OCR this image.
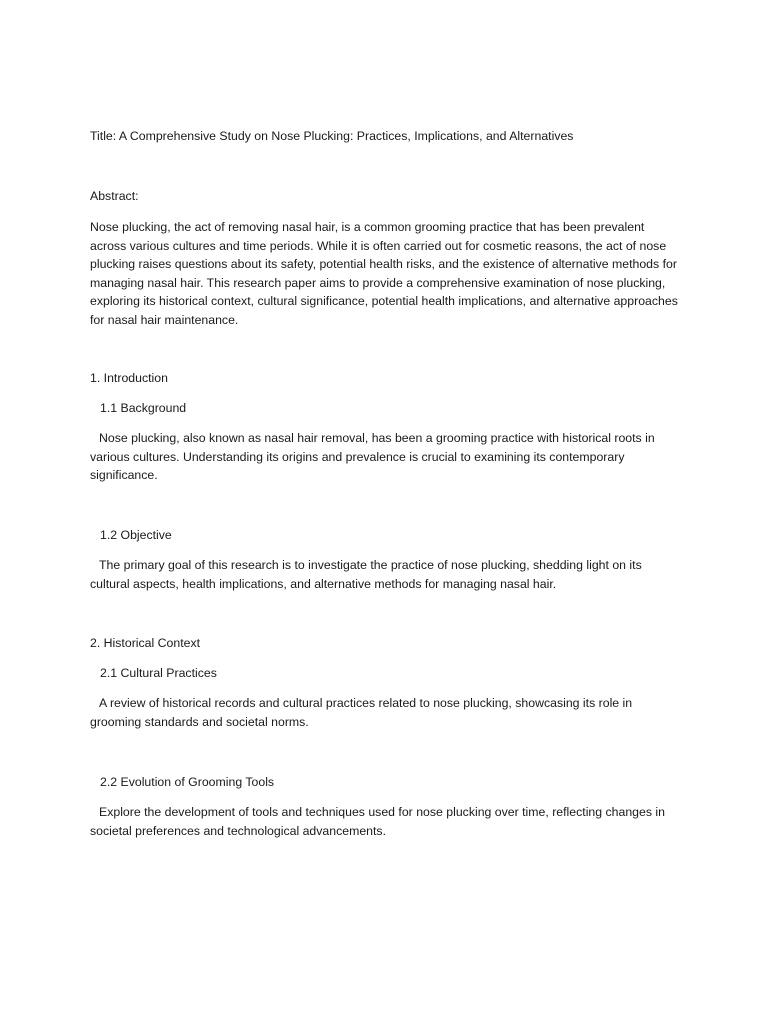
Title: A Comprehensive Study on Nose Plucking: Practices, Implications, and Alternatives

Abstract:

Nose plucking, the act of removing nasal hair, is a common grooming practice that has been prevalent across various cultures and time periods. While it is often carried out for cosmetic reasons, the act of nose plucking raises questions about its safety, potential health risks, and the existence of alternative methods for managing nasal hair. This research paper aims to provide a comprehensive examination of nose plucking, exploring its historical context, cultural significance, potential health implications, and alternative approaches for nasal hair maintenance.

1. Introduction

1.1 Background

Nose plucking, also known as nasal hair removal, has been a grooming practice with historical roots in various cultures. Understanding its origins and prevalence is crucial to examining its contemporary significance.

1.2 Objective

The primary goal of this research is to investigate the practice of nose plucking, shedding light on its cultural aspects, health implications, and alternative methods for managing nasal hair.

2. Historical Context

2.1 Cultural Practices

A review of historical records and cultural practices related to nose plucking, showcasing its role in grooming standards and societal norms.

2.2 Evolution of Grooming Tools

Explore the development of tools and techniques used for nose plucking over time, reflecting changes in societal preferences and technological advancements.
